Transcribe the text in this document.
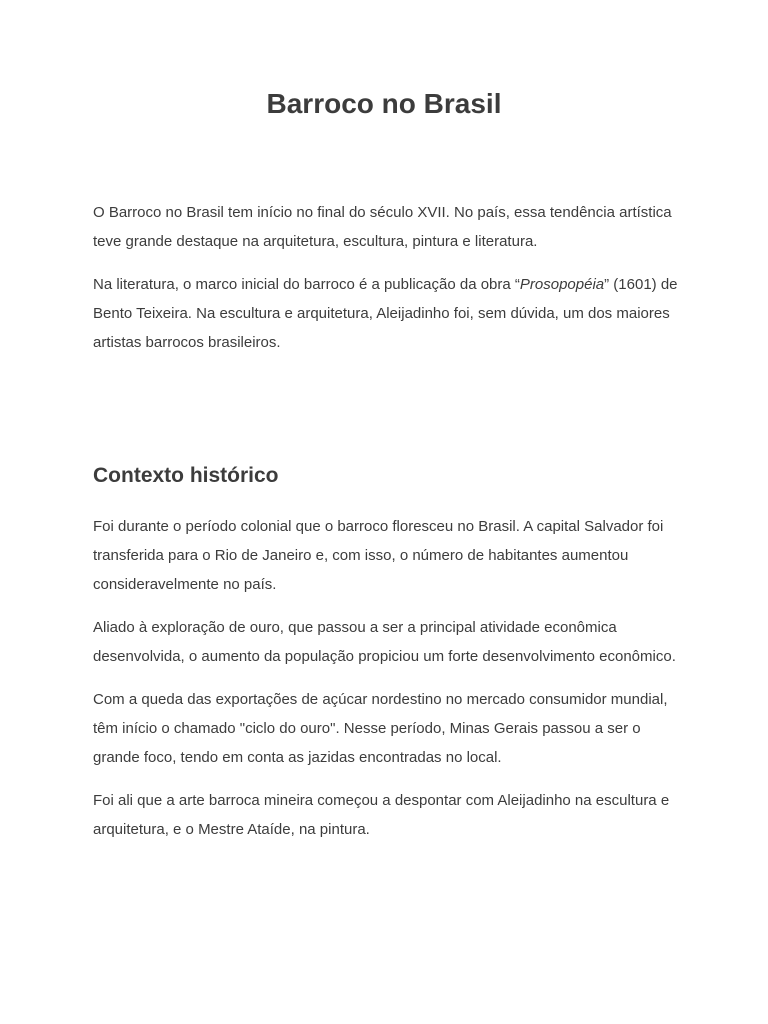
Barroco no Brasil

O Barroco no Brasil tem início no final do século XVII. No país, essa tendência artística teve grande destaque na arquitetura, escultura, pintura e literatura.

Na literatura, o marco inicial do barroco é a publicação da obra “Prosopopéia” (1601) de Bento Teixeira. Na escultura e arquitetura, Aleijadinho foi, sem dúvida, um dos maiores artistas barrocos brasileiros.

Contexto histórico

Foi durante o período colonial que o barroco floresceu no Brasil. A capital Salvador foi transferida para o Rio de Janeiro e, com isso, o número de habitantes aumentou consideravelmente no país.

Aliado à exploração de ouro, que passou a ser a principal atividade econômica desenvolvida, o aumento da população propiciou um forte desenvolvimento econômico.

Com a queda das exportações de açúcar nordestino no mercado consumidor mundial, têm início o chamado "ciclo do ouro". Nesse período, Minas Gerais passou a ser o grande foco, tendo em conta as jazidas encontradas no local.

Foi ali que a arte barroca mineira começou a despontar com Aleijadinho na escultura e arquitetura, e o Mestre Ataíde, na pintura.
